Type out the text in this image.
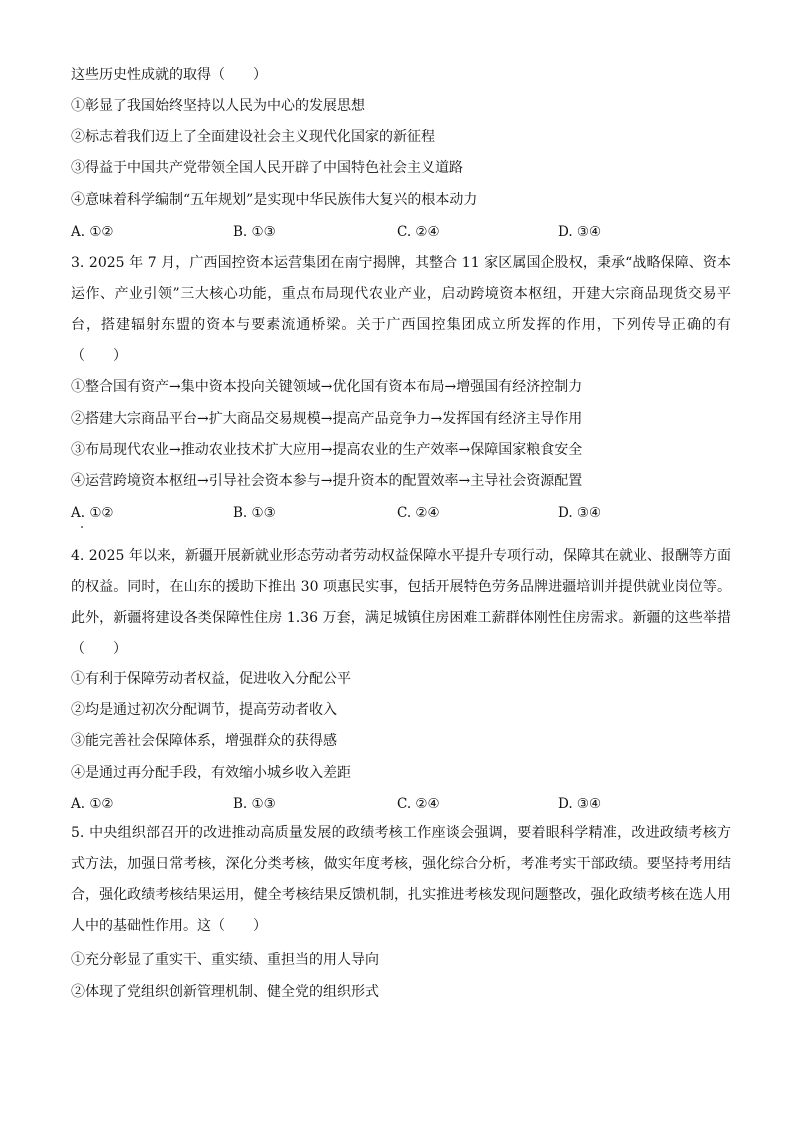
这些历史性成就的取得（　　）
①彰显了我国始终坚持以人民为中心的发展思想
②标志着我们迈上了全面建设社会主义现代化国家的新征程
③得益于中国共产党带领全国人民开辟了中国特色社会主义道路
④意味着科学编制“五年规划”是实现中华民族伟大复兴的根本动力
A. ①②	B. ①③	C. ②④	D. ③④
3. 2025 年 7 月，广西国控资本运营集团在南宁揭牌，其整合 11 家区属国企股权，秉承“战略保障、资本运作、产业引领”三大核心功能，重点布局现代农业产业，启动跨境资本枢纽，开建大宗商品现货交易平台，搭建辐射东盟的资本与要素流通桥梁。关于广西国控集团成立所发挥的作用，下列传导正确的有（　　）
①整合国有资产→集中资本投向关键领域→优化国有资本布局→增强国有经济控制力
②搭建大宗商品平台→扩大商品交易规模→提高产品竞争力→发挥国有经济主导作用
③布局现代农业→推动农业技术扩大应用→提高农业的生产效率→保障国家粮食安全
④运营跨境资本枢纽→引导社会资本参与→提升资本的配置效率→主导社会资源配置
A. ①②	B. ①③	C. ②④	D. ③④
4. 2025 年以来，新疆开展新就业形态劳动者劳动权益保障水平提升专项行动，保障其在就业、报酬等方面的权益。同时，在山东的援助下推出 30 项惠民实事，包括开展特色劳务品牌进疆培训并提供就业岗位等。此外，新疆将建设各类保障性住房 1.36 万套，满足城镇住房困难工薪群体刚性住房需求。新疆的这些举措（　　）
①有利于保障劳动者权益，促进收入分配公平
②均是通过初次分配调节，提高劳动者收入
③能完善社会保障体系，增强群众的获得感
④是通过再分配手段，有效缩小城乡收入差距
A. ①②	B. ①③	C. ②④	D. ③④
5. 中央组织部召开的改进推动高质量发展的政绩考核工作座谈会强调，要着眼科学精准，改进政绩考核方式方法，加强日常考核，深化分类考核，做实年度考核，强化综合分析，考准考实干部政绩。要坚持考用结合，强化政绩考核结果运用，健全考核结果反馈机制，扎实推进考核发现问题整改，强化政绩考核在选人用人中的基础性作用。这（　　）
①充分彰显了重实干、重实绩、重担当的用人导向
②体现了党组织创新管理机制、健全党的组织形式
